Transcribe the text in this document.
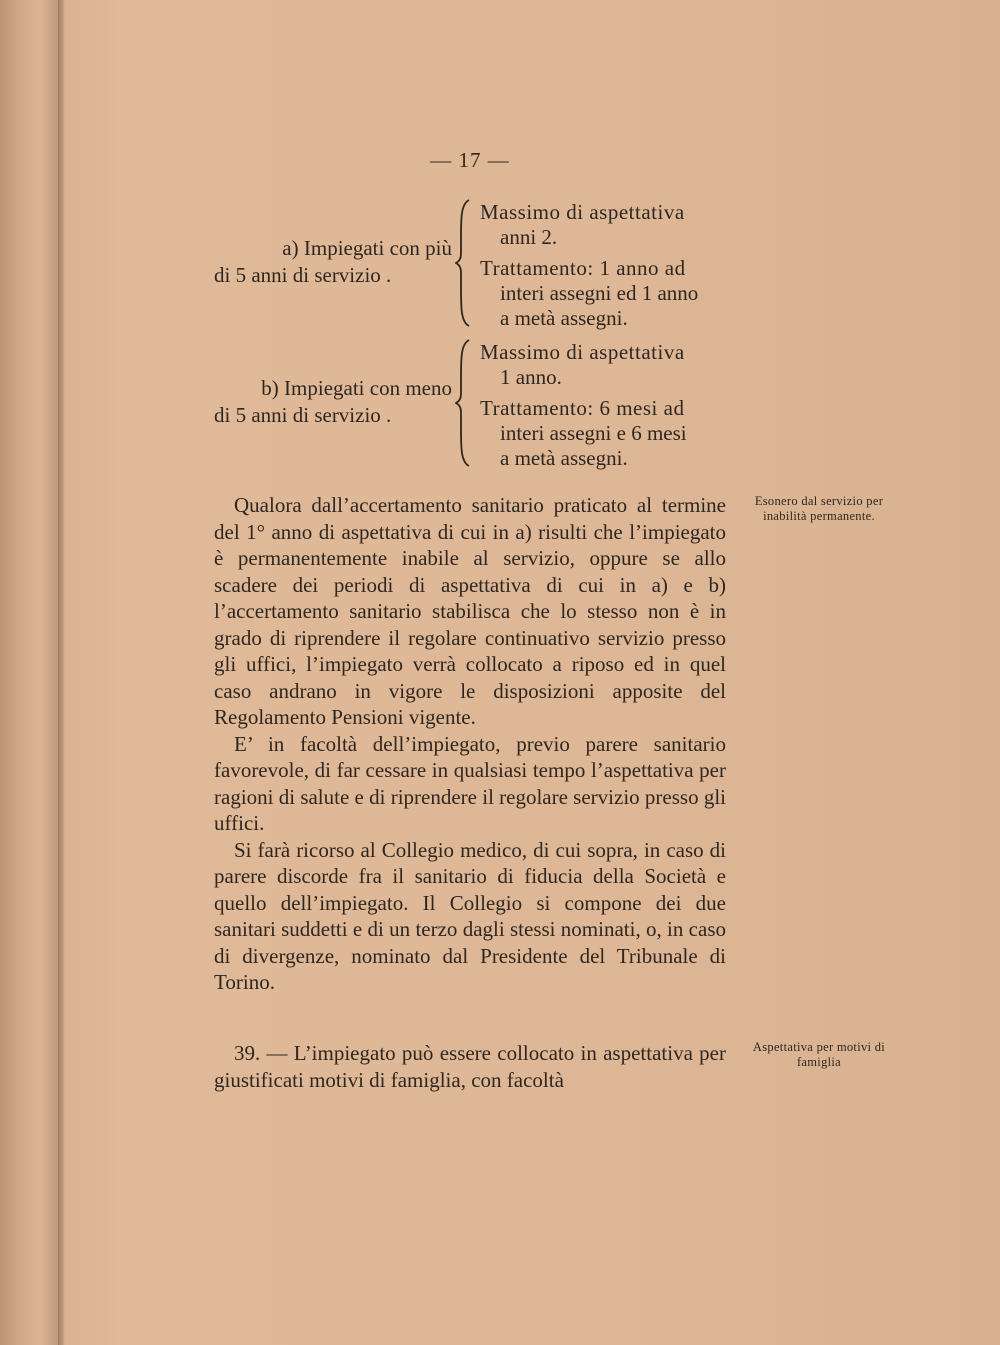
— 17 —
a) Impiegati con più
di 5 anni di servizio .
Massimo di aspettativa
anni 2.
Trattamento: 1 anno ad
interi assegni ed 1 anno
a metà assegni.
b) Impiegati con meno
di 5 anni di servizio .
Massimo di aspettativa
1 anno.
Trattamento: 6 mesi ad
interi assegni e 6 mesi
a metà assegni.

Qualora dall’accertamento sanitario praticato al termine del 1° anno di aspettativa di cui in a) risulti che l’impiegato è permanentemente inabile al servizio, oppure se allo scadere dei periodi di aspettativa di cui in a) e b) l’accertamento sanitario stabilisca che lo stesso non è in grado di riprendere il regolare continuativo servizio presso gli uffici, l’impiegato verrà collocato a riposo ed in quel caso andrano in vigore le disposizioni apposite del Regolamento Pensioni vigente.

E’ in facoltà dell’impiegato, previo parere sanitario favorevole, di far cessare in qualsiasi tempo l’aspettativa per ragioni di salute e di riprendere il regolare servizio presso gli uffici.

Si farà ricorso al Collegio medico, di cui sopra, in caso di parere discorde fra il sanitario di fiducia della Società e quello dell’impiegato. Il Collegio si compone dei due sanitari suddetti e di un terzo dagli stessi nominati, o, in caso di divergenze, nominato dal Presidente del Tribunale di Torino.

39. — L’impiegato può essere collocato in aspettativa per giustificati motivi di famiglia, con facoltà

Esonero dal servizio per inabilità permanente.
Aspettativa per motivi di famiglia
